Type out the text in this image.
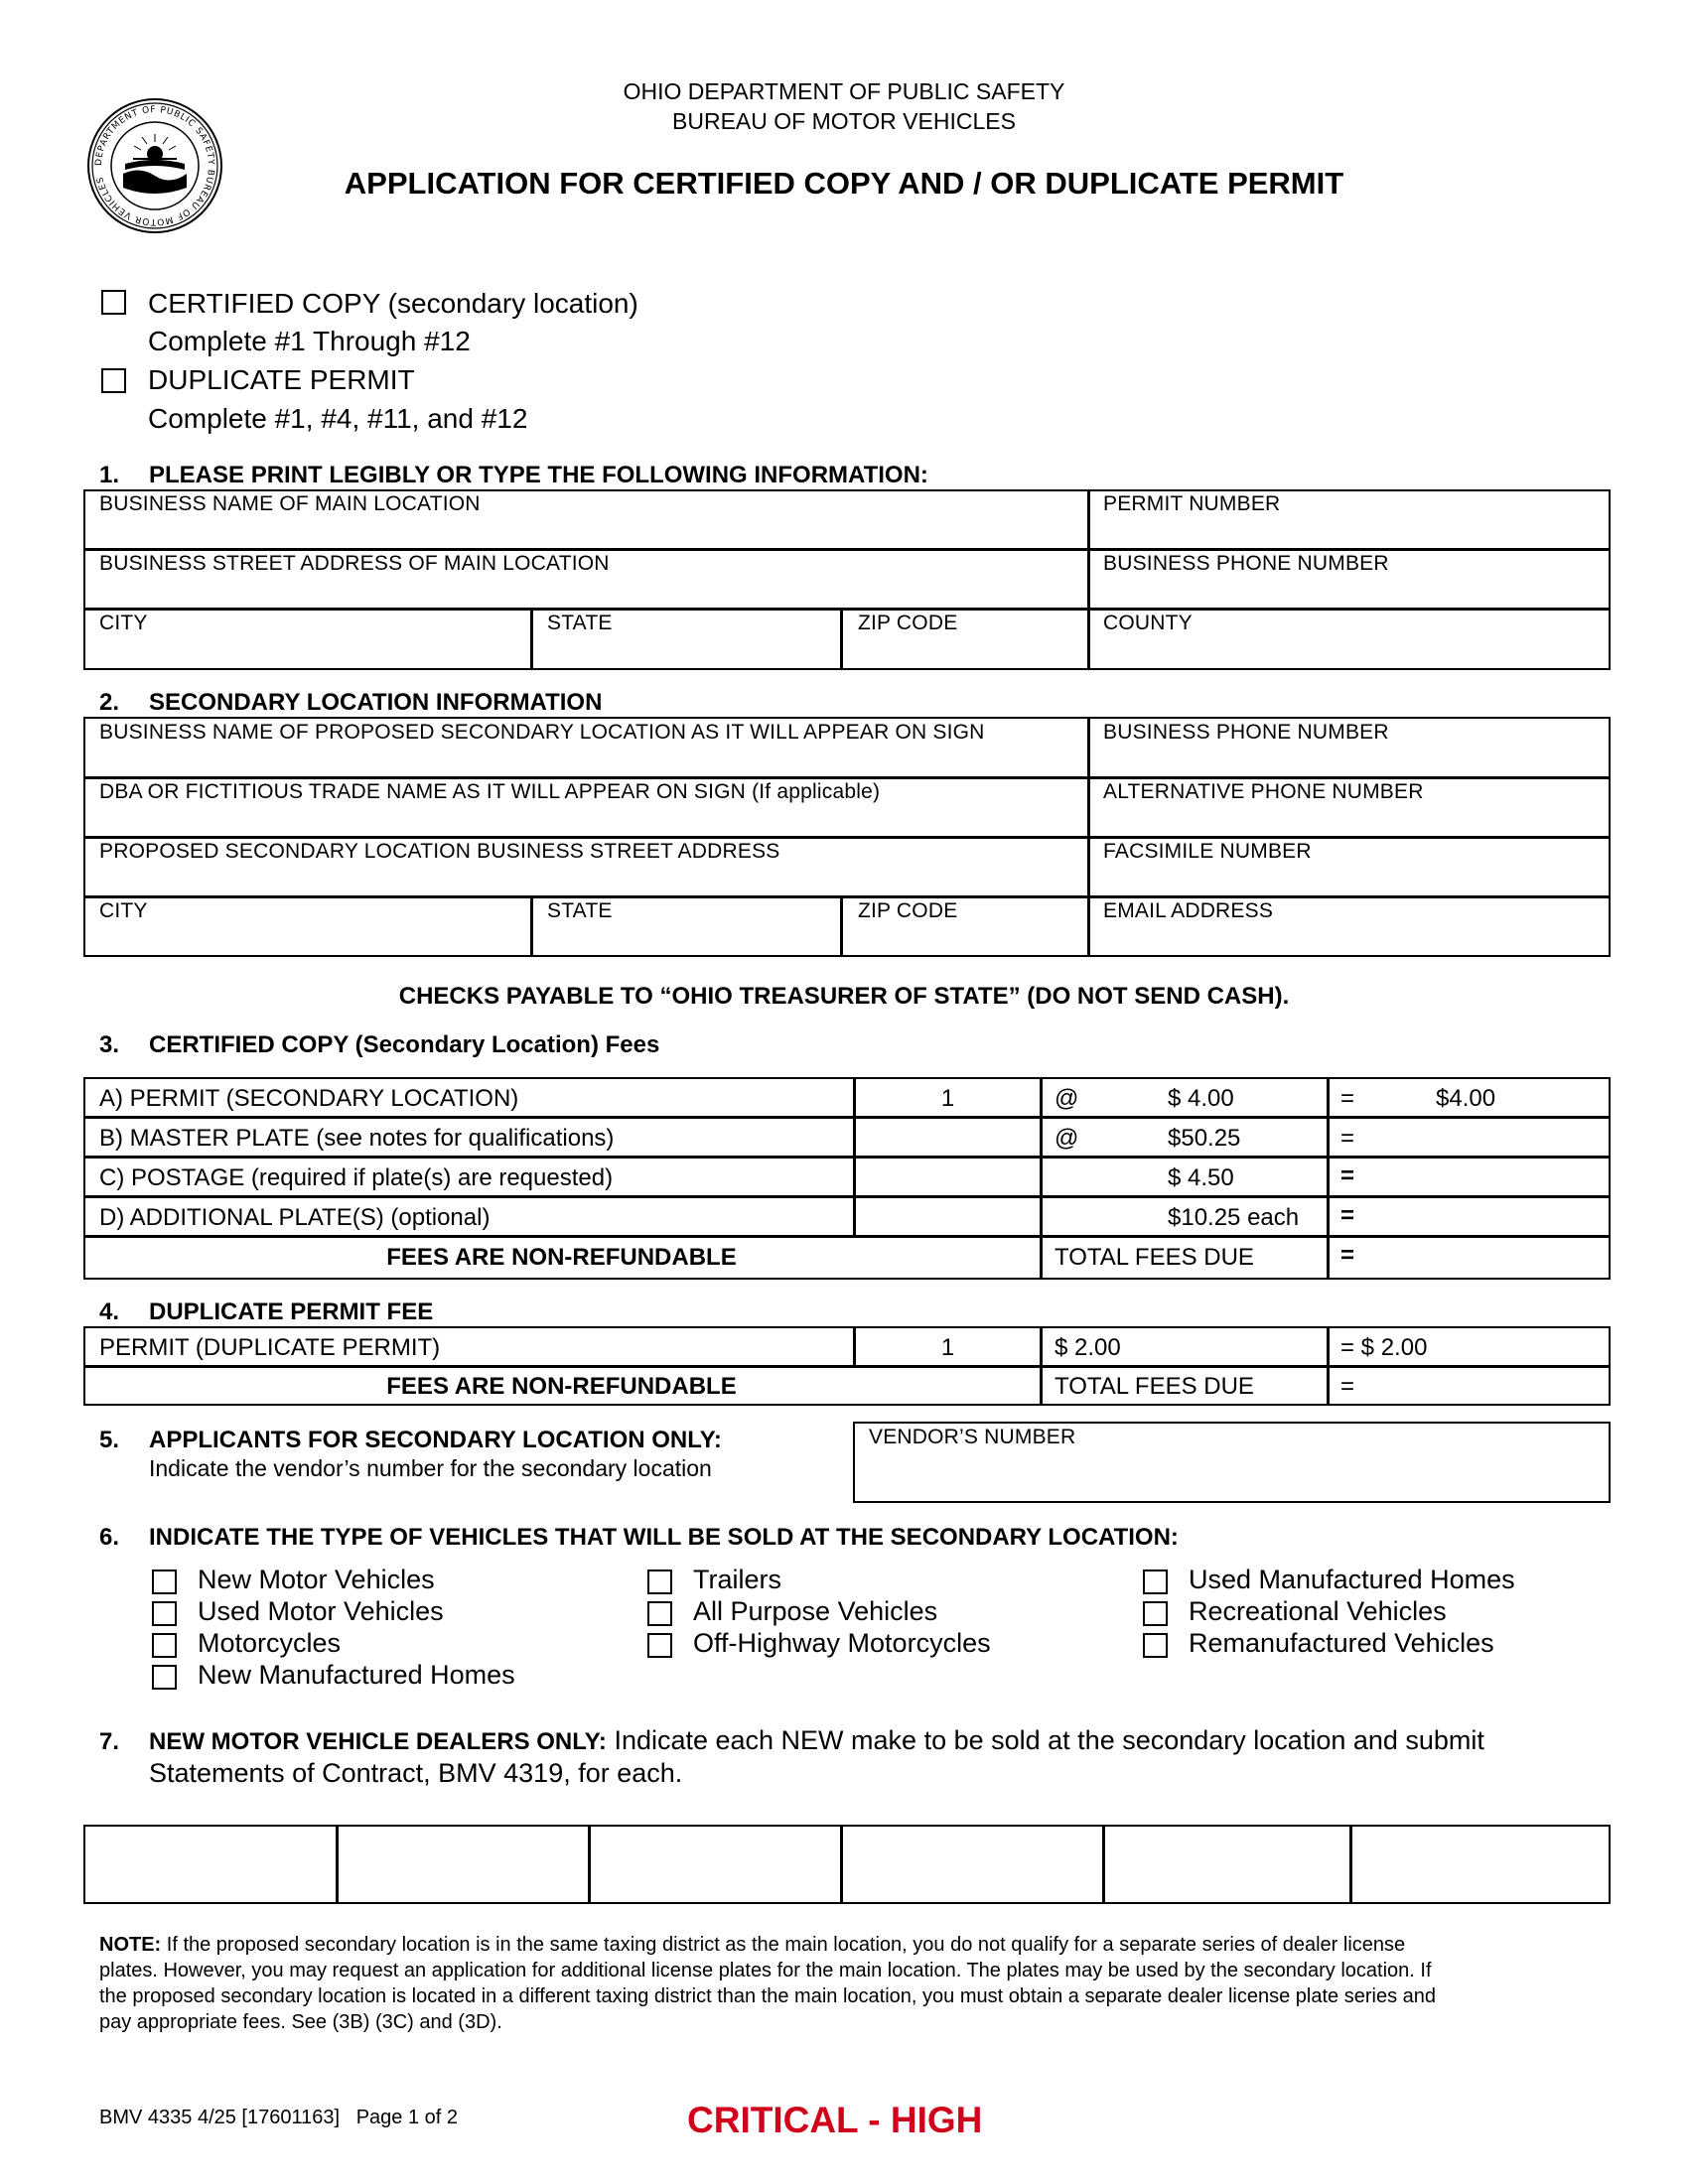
DEPARTMENT OF PUBLIC SAFETY BUREAU OF MOTOR VEHICLES
OHIO DEPARTMENT OF PUBLIC SAFETY
BUREAU OF MOTOR VEHICLES
APPLICATION FOR CERTIFIED COPY AND / OR DUPLICATE PERMIT
CERTIFIED COPY (secondary location)
Complete #1 Through #12
DUPLICATE PERMIT
Complete #1, #4, #11, and #12
1. PLEASE PRINT LEGIBLY OR TYPE THE FOLLOWING INFORMATION:
BUSINESS NAME OF MAIN LOCATION	PERMIT NUMBER
BUSINESS STREET ADDRESS OF MAIN LOCATION	BUSINESS PHONE NUMBER
CITY	STATE	ZIP CODE	COUNTY
2. SECONDARY LOCATION INFORMATION
BUSINESS NAME OF PROPOSED SECONDARY LOCATION AS IT WILL APPEAR ON SIGN	BUSINESS PHONE NUMBER
DBA OR FICTITIOUS TRADE NAME AS IT WILL APPEAR ON SIGN (If applicable)	ALTERNATIVE PHONE NUMBER
PROPOSED SECONDARY LOCATION BUSINESS STREET ADDRESS	FACSIMILE NUMBER
CITY	STATE	ZIP CODE	EMAIL ADDRESS
CHECKS PAYABLE TO “OHIO TREASURER OF STATE” (DO NOT SEND CASH).
3. CERTIFIED COPY (Secondary Location) Fees
A) PERMIT (SECONDARY LOCATION)	1	@	$ 4.00	=	$4.00
B) MASTER PLATE (see notes for qualifications)	@	$50.25	=
C) POSTAGE (required if plate(s) are requested)	$ 4.50	=
D) ADDITIONAL PLATE(S) (optional)	$10.25 each =
FEES ARE NON-REFUNDABLE	TOTAL FEES DUE	=
4. DUPLICATE PERMIT FEE
PERMIT (DUPLICATE PERMIT)	1	$ 2.00	= $ 2.00
FEES ARE NON-REFUNDABLE	TOTAL FEES DUE	=
5. APPLICANTS FOR SECONDARY LOCATION ONLY:
Indicate the vendor’s number for the secondary location
VENDOR’S NUMBER
6. INDICATE THE TYPE OF VEHICLES THAT WILL BE SOLD AT THE SECONDARY LOCATION:
New Motor Vehicles
Used Motor Vehicles
Motorcycles
New Manufactured Homes
Trailers
All Purpose Vehicles
Off-Highway Motorcycles
Used Manufactured Homes
Recreational Vehicles
Remanufactured Vehicles
7. NEW MOTOR VEHICLE DEALERS ONLY: Indicate each NEW make to be sold at the secondary location and submit
Statements of Contract, BMV 4319, for each.
NOTE: If the proposed secondary location is in the same taxing district as the main location, you do not qualify for a separate series of dealer license
plates. However, you may request an application for additional license plates for the main location. The plates may be used by the secondary location. If
the proposed secondary location is located in a different taxing district than the main location, you must obtain a separate dealer license plate series and
pay appropriate fees. See (3B) (3C) and (3D).
BMV 4335 4/25 [17601163] Page 1 of 2	CRITICAL - HIGH
